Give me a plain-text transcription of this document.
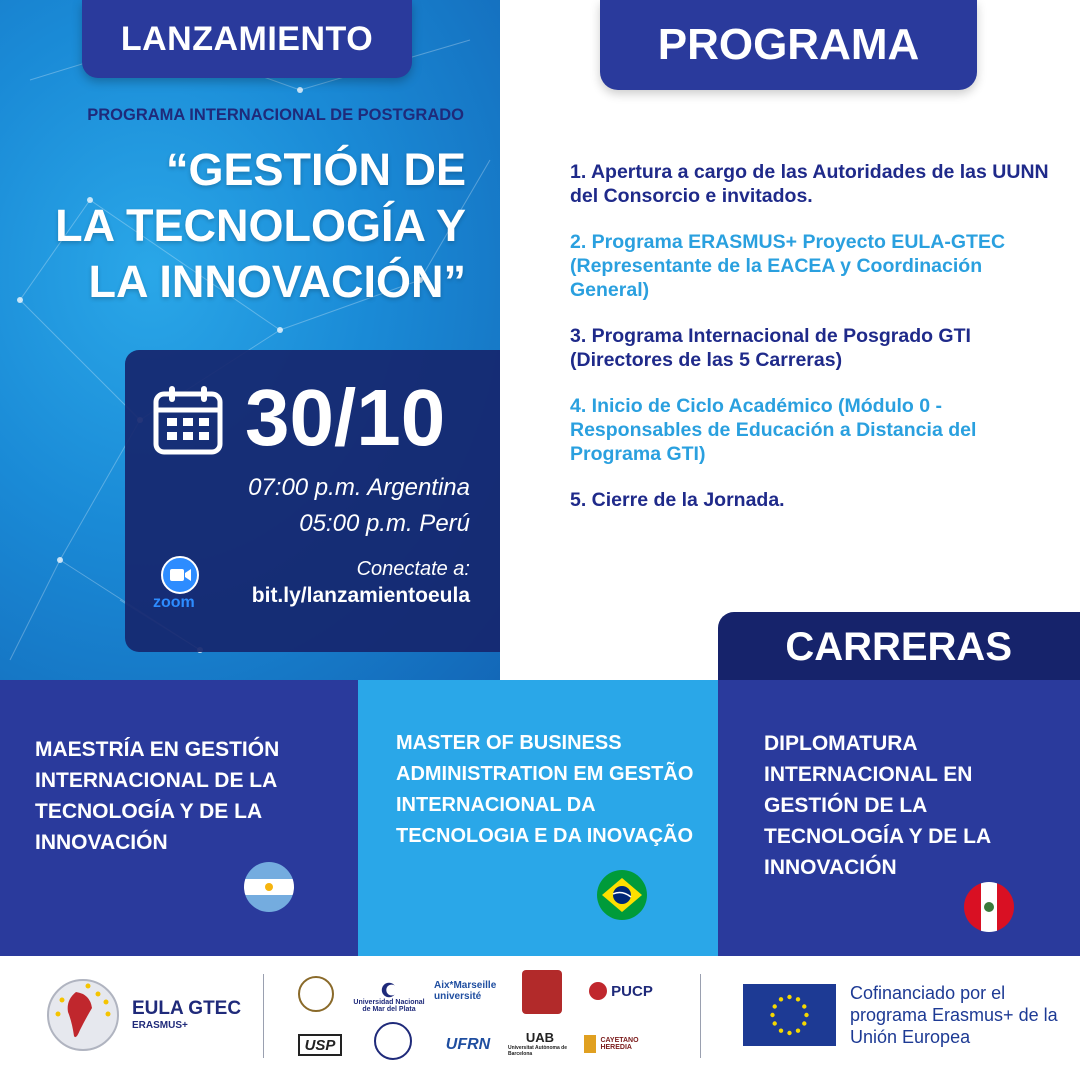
LANZAMIENTO
PROGRAMA INTERNACIONAL DE POSTGRADO
“GESTIÓN DE
LA TECNOLOGÍA Y
LA INNOVACIÓN”
30/10
07:00 p.m. Argentina
05:00 p.m. Perú
zoom
Conectate a:
bit.ly/lanzamientoeula
PROGRAMA
1. Apertura a cargo de las Autoridades de las UUNN del Consorcio e invitados.
2. Programa ERASMUS+ Proyecto EULA-GTEC (Representante de la EACEA y Coordinación General)
3. Programa Internacional de Posgrado GTI (Directores de las 5 Carreras)
4. Inicio de Ciclo Académico (Módulo 0 - Responsables de Educación a Distancia del Programa GTI)
5. Cierre de la Jornada.
CARRERAS
MAESTRÍA EN GESTIÓN INTERNACIONAL DE LA TECNOLOGÍA Y DE LA INNOVACIÓN
MASTER OF BUSINESS ADMINISTRATION EM GESTÃO INTERNACIONAL DA TECNOLOGIA E DA INOVAÇÃO
DIPLOMATURA INTERNACIONAL EN GESTIÓN DE LA TECNOLOGÍA Y DE LA INNOVACIÓN
EULA GTEC
ERASMUS+
Universidad Nacional de Mar del Plata
Aix*Marseille université	PUCP
USP	UFRN	UAB
Universitat Autònoma de Barcelona
CAYETANO HEREDIA
Cofinanciado por el programa Erasmus+ de la Unión Europea
